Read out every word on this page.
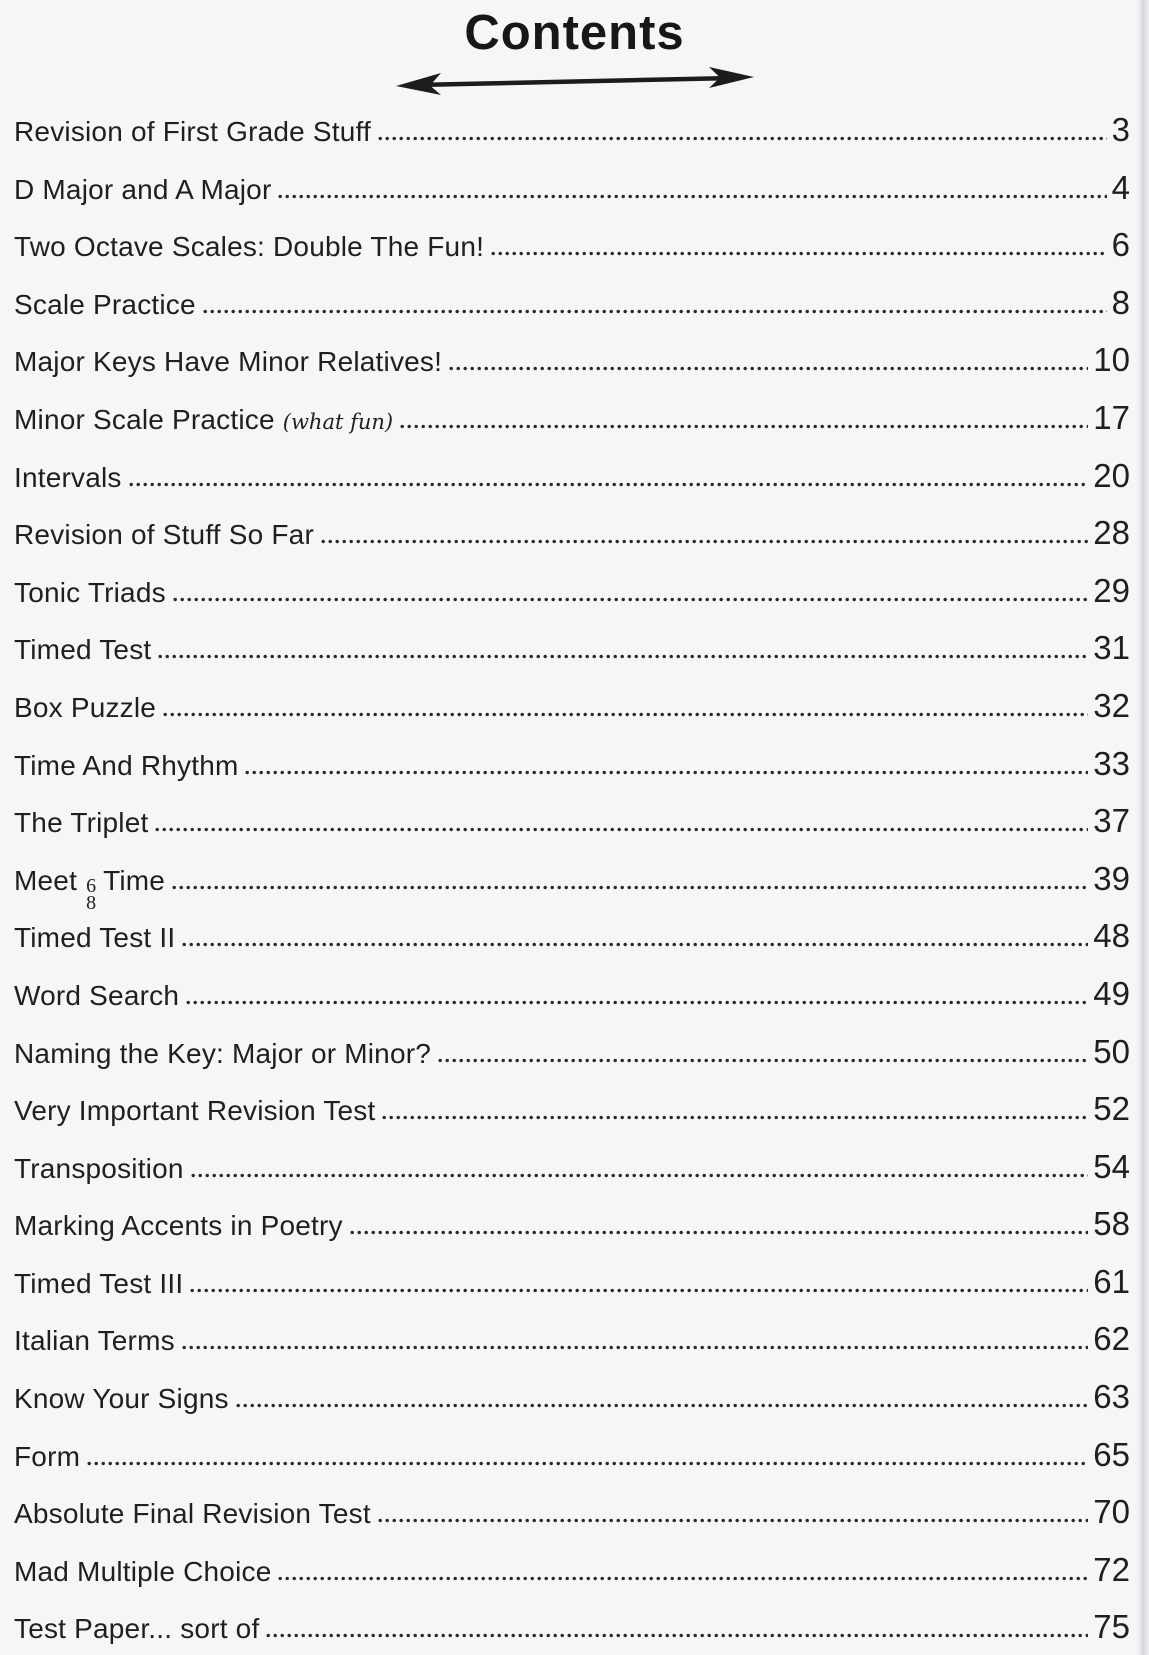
Contents
Revision of First Grade Stuff	3
D Major and A Major	4
Two Octave Scales: Double The Fun!	6
Scale Practice	8
Major Keys Have Minor Relatives!	10
Minor Scale Practice (what fun)	17
Intervals	20
Revision of Stuff So Far	28
Tonic Triads	29
Timed Test	31
Box Puzzle	32
Time And Rhythm	33
The Triplet	37
Meet 6
8
Time	39
Timed Test II	48
Word Search	49
Naming the Key: Major or Minor?	50
Very Important Revision Test	52
Transposition	54
Marking Accents in Poetry	58
Timed Test III	61
Italian Terms	62
Know Your Signs	63
Form	65
Absolute Final Revision Test	70
Mad Multiple Choice	72
Test Paper... sort of	75
